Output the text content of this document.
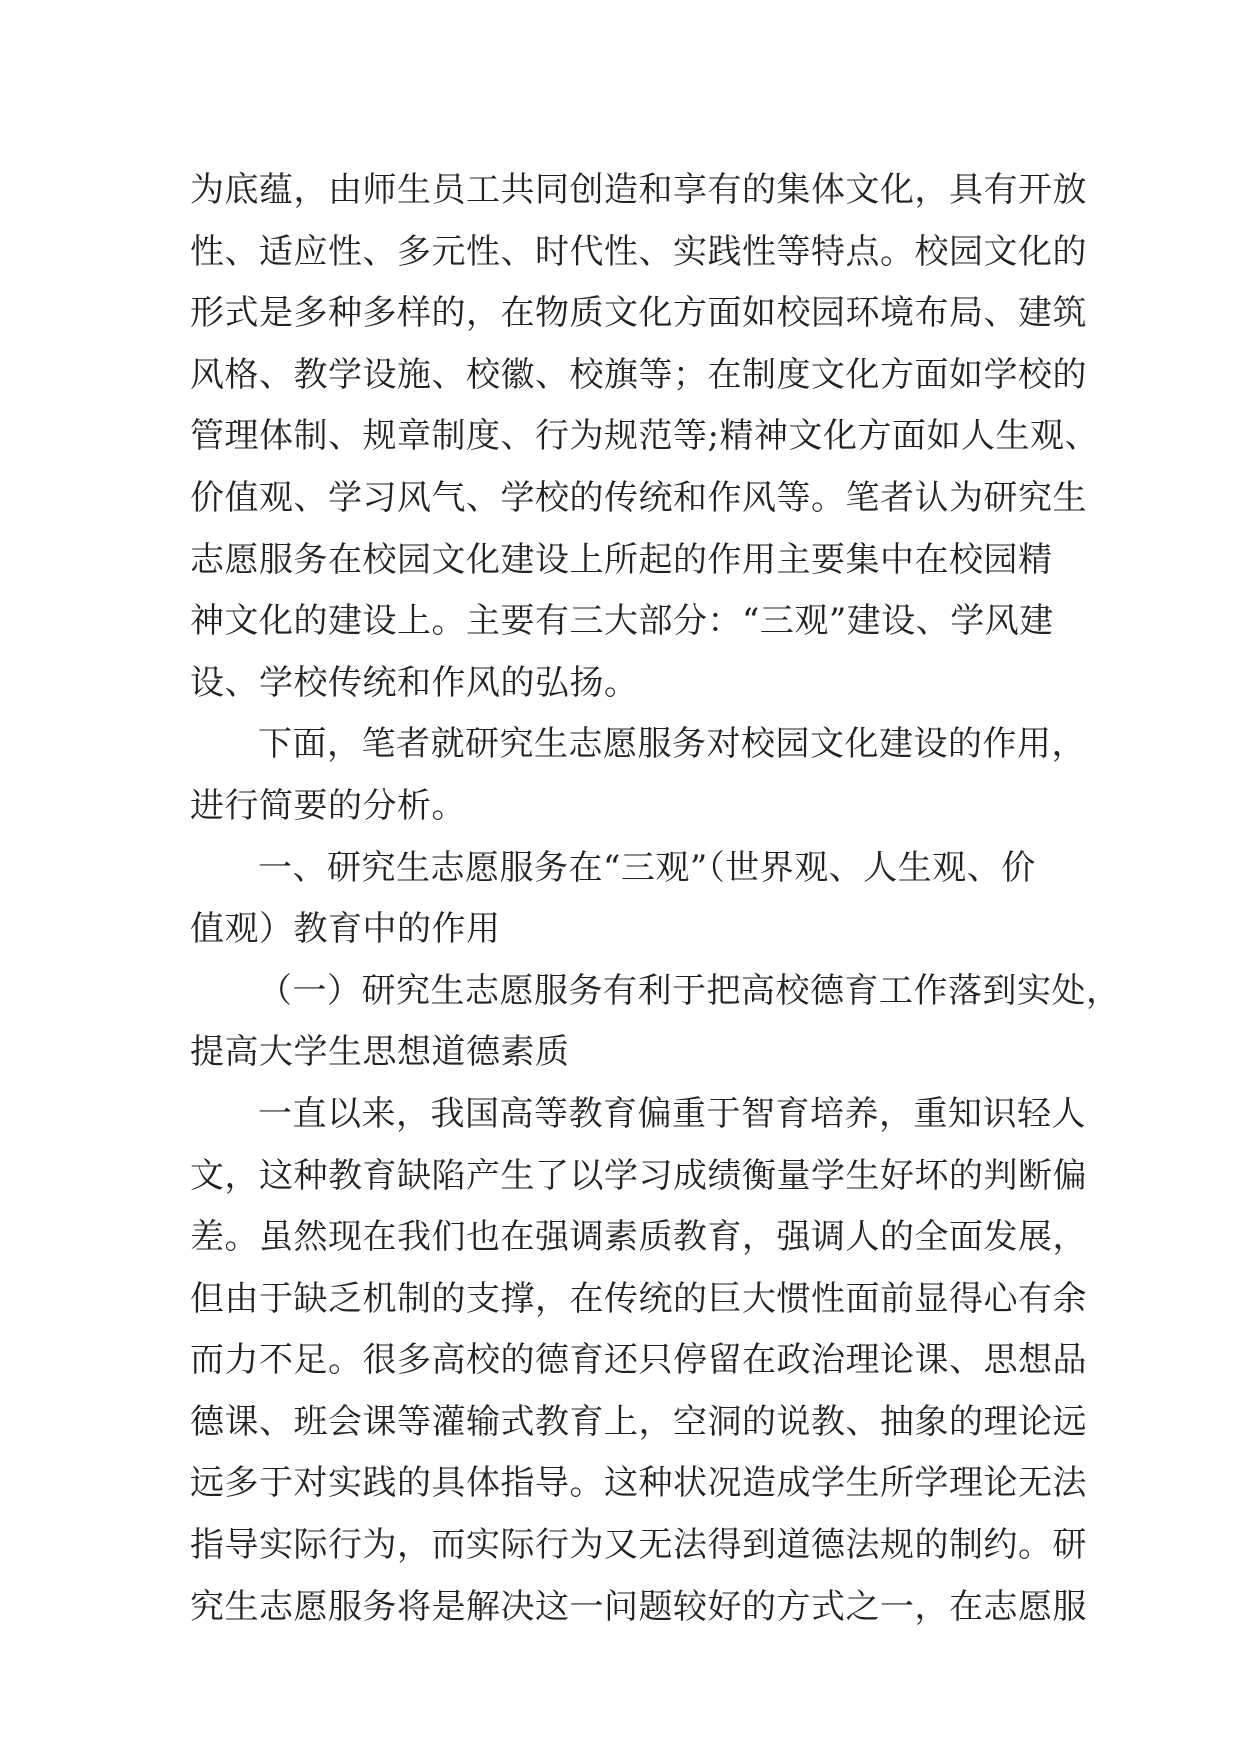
为底蕴，由师生员工共同创造和享有的集体文化，具有开放
性、适应性、多元性、时代性、实践性等特点。校园文化的
形式是多种多样的，在物质文化方面如校园环境布局、建筑
风格、教学设施、校徽、校旗等；在制度文化方面如学校的
管理体制、规章制度、行为规范等;精神文化方面如人生观、
价值观、学习风气、学校的传统和作风等。笔者认为研究生
志愿服务在校园文化建设上所起的作用主要集中在校园精
神文化的建设上。主要有三大部分：“三观”建设、学风建
设、学校传统和作风的弘扬。
下面，笔者就研究生志愿服务对校园文化建设的作用，
进行简要的分析。
一、研究生志愿服务在“三观”（世界观、人生观、价
值观）教育中的作用
（一）研究生志愿服务有利于把高校德育工作落到实处，
提高大学生思想道德素质
一直以来，我国高等教育偏重于智育培养，重知识轻人
文，这种教育缺陷产生了以学习成绩衡量学生好坏的判断偏
差。虽然现在我们也在强调素质教育，强调人的全面发展，
但由于缺乏机制的支撑，在传统的巨大惯性面前显得心有余
而力不足。很多高校的德育还只停留在政治理论课、思想品
德课、班会课等灌输式教育上，空洞的说教、抽象的理论远
远多于对实践的具体指导。这种状况造成学生所学理论无法
指导实际行为，而实际行为又无法得到道德法规的制约。研
究生志愿服务将是解决这一问题较好的方式之一，在志愿服
